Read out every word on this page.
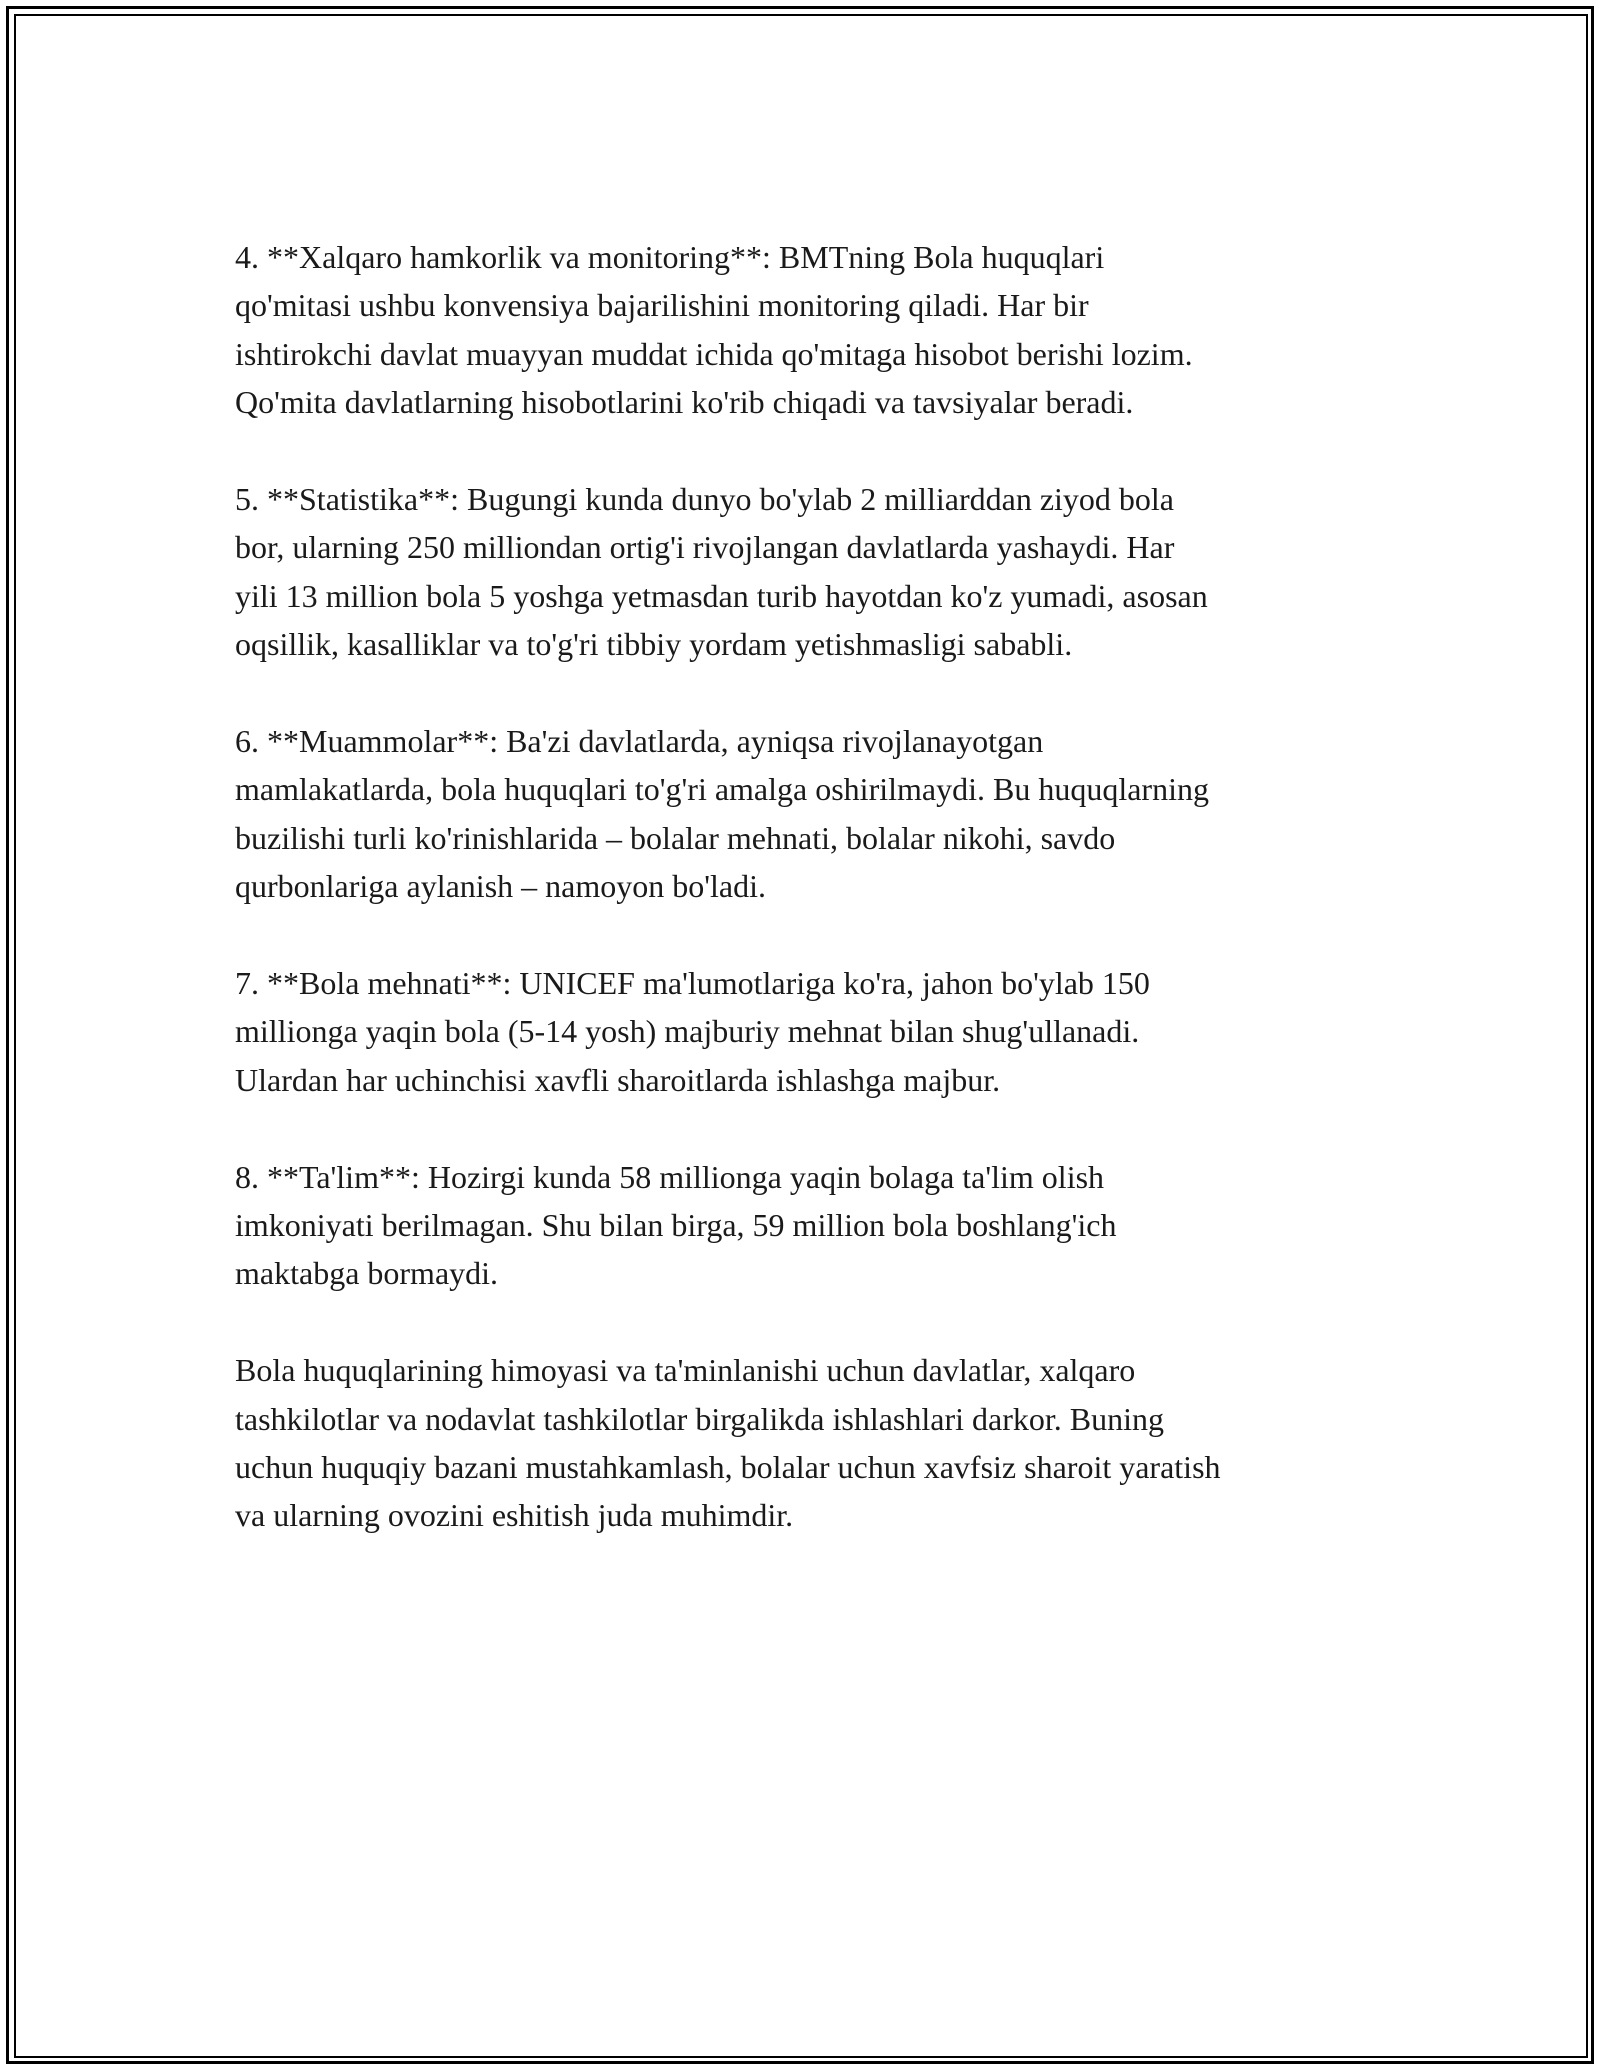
4. **Xalqaro hamkorlik va monitoring**: BMTning Bola huquqlari
qo'mitasi ushbu konvensiya bajarilishini monitoring qiladi. Har bir
ishtirokchi davlat muayyan muddat ichida qo'mitaga hisobot berishi lozim.
Qo'mita davlatlarning hisobotlarini ko'rib chiqadi va tavsiyalar beradi.

5. **Statistika**: Bugungi kunda dunyo bo'ylab 2 milliarddan ziyod bola
bor, ularning 250 milliondan ortig'i rivojlangan davlatlarda yashaydi. Har
yili 13 million bola 5 yoshga yetmasdan turib hayotdan ko'z yumadi, asosan
oqsillik, kasalliklar va to'g'ri tibbiy yordam yetishmasligi sababli.

6. **Muammolar**: Ba'zi davlatlarda, ayniqsa rivojlanayotgan
mamlakatlarda, bola huquqlari to'g'ri amalga oshirilmaydi. Bu huquqlarning
buzilishi turli ko'rinishlarida – bolalar mehnati, bolalar nikohi, savdo
qurbonlariga aylanish – namoyon bo'ladi.

7. **Bola mehnati**: UNICEF ma'lumotlariga ko'ra, jahon bo'ylab 150
millionga yaqin bola (5-14 yosh) majburiy mehnat bilan shug'ullanadi.
Ulardan har uchinchisi xavfli sharoitlarda ishlashga majbur.

8. **Ta'lim**: Hozirgi kunda 58 millionga yaqin bolaga ta'lim olish
imkoniyati berilmagan. Shu bilan birga, 59 million bola boshlang'ich
maktabga bormaydi.

Bola huquqlarining himoyasi va ta'minlanishi uchun davlatlar, xalqaro
tashkilotlar va nodavlat tashkilotlar birgalikda ishlashlari darkor. Buning
uchun huquqiy bazani mustahkamlash, bolalar uchun xavfsiz sharoit yaratish
va ularning ovozini eshitish juda muhimdir.
